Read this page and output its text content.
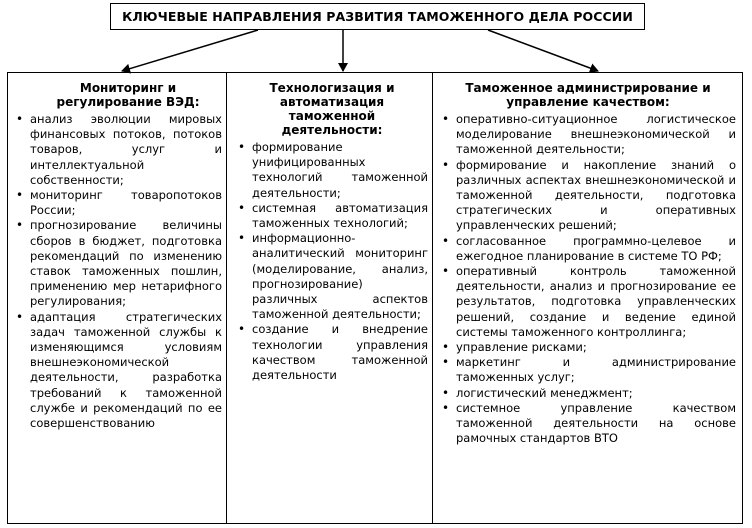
КЛЮЧЕВЫЕ НАПРАВЛЕНИЯ РАЗВИТИЯ ТАМОЖЕННОГО ДЕЛА РОССИИ
Мониторинг и регулирование ВЭД:
• анализ эволюции мировых финансовых потоков, потоков товаров, услуг и интеллектуальной собственности;
• мониторинг товаропотоков России;
• прогнозирование величины сборов в бюджет, подготовка рекомендаций по изменению ставок таможенных пошлин, применению мер нетарифного регулирования;
• адаптация стратегических задач таможенной службы к изменяющимся условиям внешнеэкономической деятельности, разработка требований к таможенной службе и рекомендаций по ее совершенствованию
Технологизация и автоматизация таможенной деятельности:
• формирование унифицированных технологий таможенной деятельности;
• системная автоматизация таможенных технологий;
• информационно-аналитический мониторинг (моделирование, анализ, прогнозирование) различных аспектов таможенной деятельности;
• создание и внедрение технологии управления качеством таможенной деятельности
Таможенное администрирование и управление качеством:
• оперативно-ситуационное логистическое моделирование внешнеэкономической и таможенной деятельности;
• формирование и накопление знаний о различных аспектах внешнеэкономической и таможенной деятельности, подготовка стратегических и оперативных управленческих решений;
• согласованное программно-целевое и ежегодное планирование в системе ТО РФ;
• оперативный контроль таможенной деятельности, анализ и прогнозирование ее результатов, подготовка управленческих решений, создание и ведение единой системы таможенного контроллинга;
• управление рисками;
• маркетинг и администрирование таможенных услуг;
• логистический менеджмент;
• системное управление качеством таможенной деятельности на основе рамочных стандартов ВТО
